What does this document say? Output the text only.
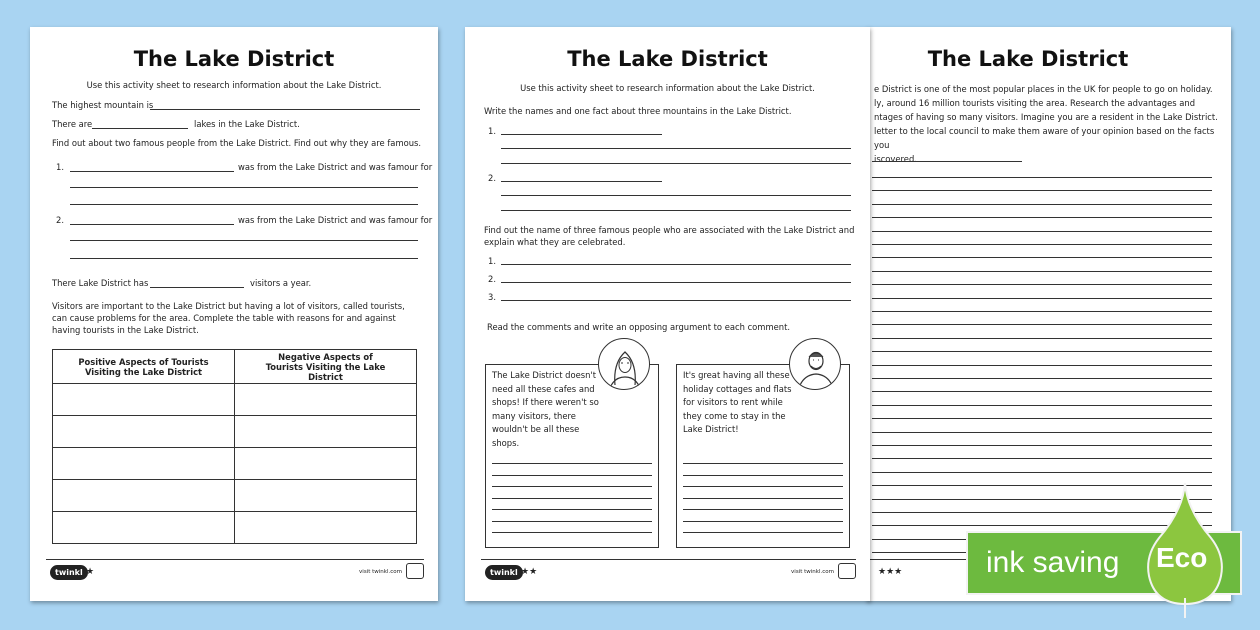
The Lake District
Use this activity sheet to research information about the Lake District.
The highest mountain is
There are	lakes in the Lake District.
Find out about two famous people from the Lake District. Find out why they are famous.
1.	was from the Lake District and was famour for
2.	was from the Lake District and was famour for
There Lake District has	visitors a year.
Visitors are important to the Lake District but having a lot of visitors, called tourists, can cause problems for the area. Complete the table with reasons for and against having tourists in the Lake District.
Positive Aspects of Tourists Visiting the Lake District	Negative Aspects of Tourists Visiting the Lake District

twinkl ★	visit twinkl.com
The Lake District
e District is one of the most popular places in the UK for people to go on holiday.
ly, around 16 million tourists visiting the area. Research the advantages and
ntages of having so many visitors. Imagine you are a resident in the Lake District.
letter to the local council to make them aware of your opinion based on the facts you
iscovered.
★★★
The Lake District
Use this activity sheet to research information about the Lake District.
Write the names and one fact about three mountains in the Lake District.
1.
2.
Find out the name of three famous people who are associated with the Lake District and explain what they are celebrated.
1.
2.
3.
Read the comments and write an opposing argument to each comment.
The Lake District doesn't need all these cafes and shops! If there weren't so many visitors, there wouldn't be all these shops.
It's great having all these holiday cottages and flats for visitors to rent while they come to stay in the Lake District!
twinkl ★★	visit twinkl.com	ink saving Eco
